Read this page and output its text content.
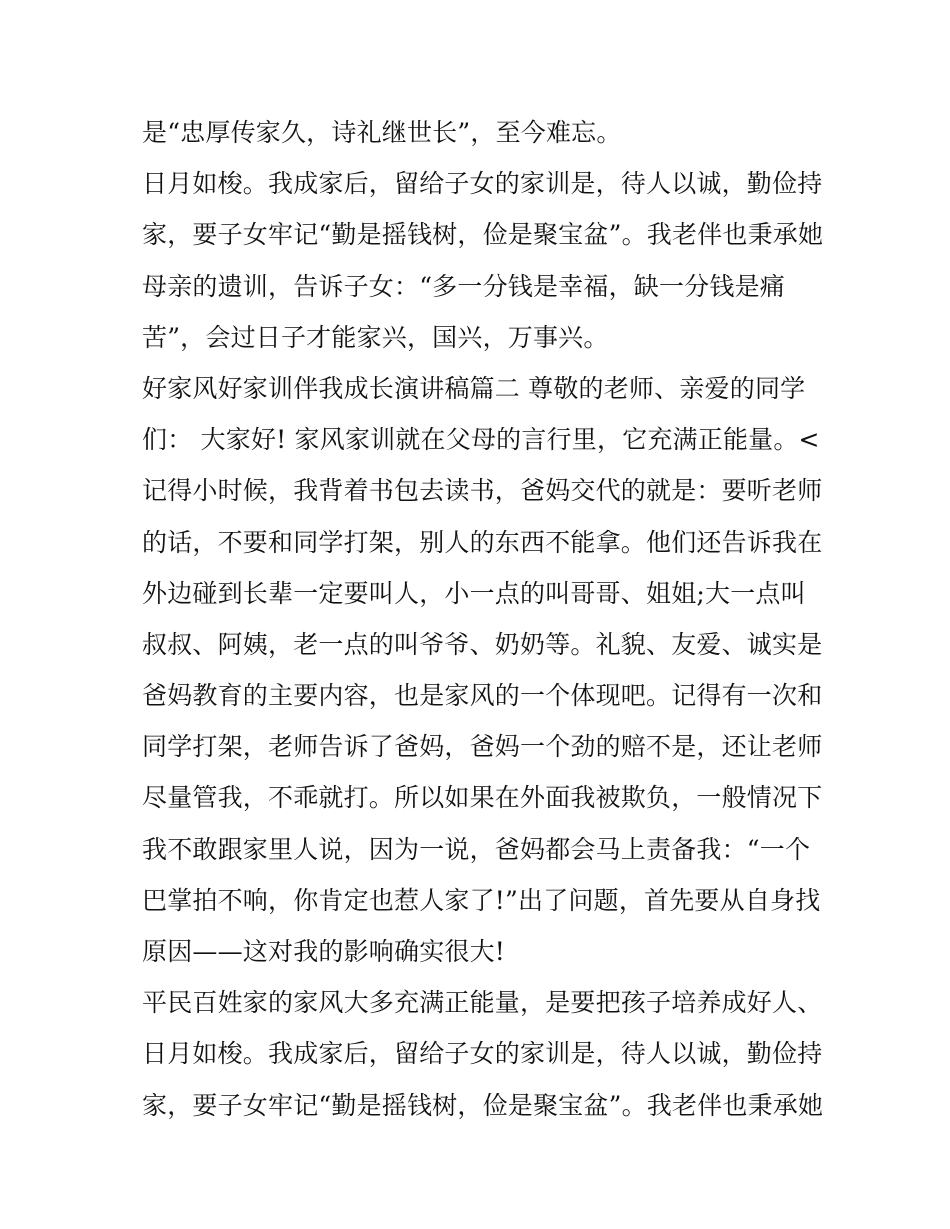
是“忠厚传家久，诗礼继世长”，至今难忘。
日月如梭。我成家后，留给子女的家训是，待人以诚，勤俭持
家，要子女牢记“勤是摇钱树，俭是聚宝盆”。我老伴也秉承她
母亲的遗训，告诉子女：“多一分钱是幸福，缺一分钱是痛
苦”，会过日子才能家兴，国兴，万事兴。
好家风好家训伴我成长演讲稿篇二 尊敬的老师、亲爱的同学
们： 大家好! 家风家训就在父母的言行里，它充满正能量。<
记得小时候，我背着书包去读书，爸妈交代的就是：要听老师
的话，不要和同学打架，别人的东西不能拿。他们还告诉我在
外边碰到长辈一定要叫人，小一点的叫哥哥、姐姐;大一点叫
叔叔、阿姨，老一点的叫爷爷、奶奶等。礼貌、友爱、诚实是
爸妈教育的主要内容，也是家风的一个体现吧。记得有一次和
同学打架，老师告诉了爸妈，爸妈一个劲的赔不是，还让老师
尽量管我，不乖就打。所以如果在外面我被欺负，一般情况下
我不敢跟家里人说，因为一说，爸妈都会马上责备我：“一个
巴掌拍不响，你肯定也惹人家了!”出了问题，首先要从自身找
原因——这对我的影响确实很大!
平民百姓家的家风大多充满正能量，是要把孩子培养成好人、
日月如梭。我成家后，留给子女的家训是，待人以诚，勤俭持
家，要子女牢记“勤是摇钱树，俭是聚宝盆”。我老伴也秉承她
